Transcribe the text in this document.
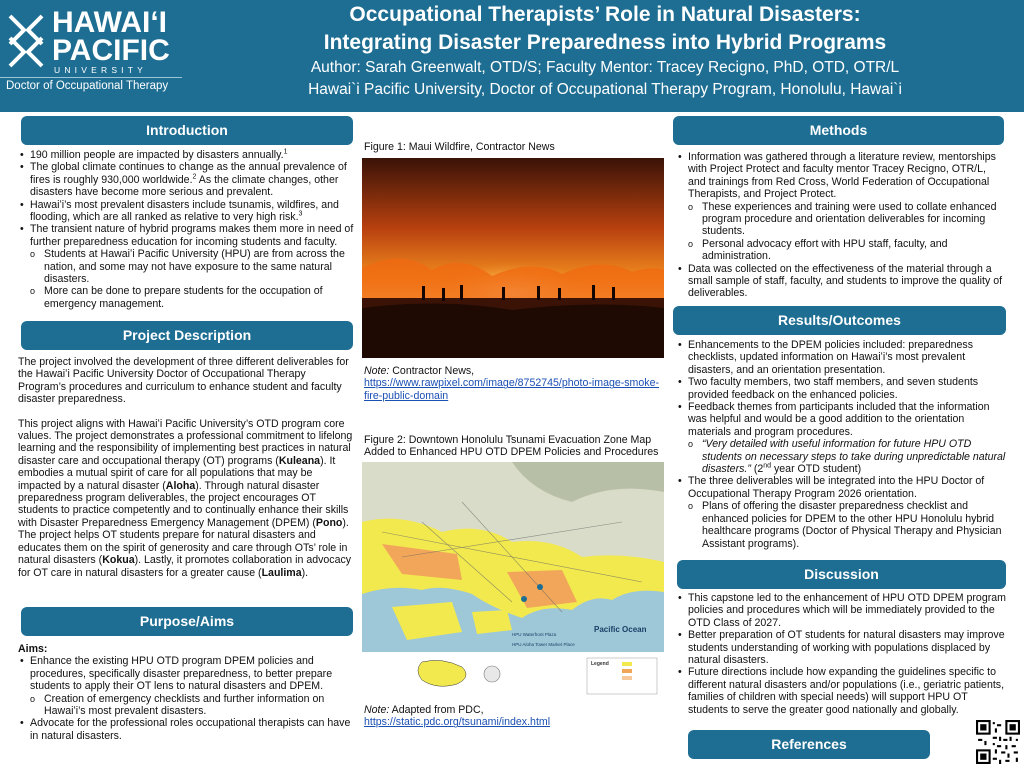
HAWAIʻI
PACIFIC
UNIVERSITY
Doctor of Occupational Therapy
Occupational Therapists’ Role in Natural Disasters:
Integrating Disaster Preparedness into Hybrid Programs
Author: Sarah Greenwalt, OTD/S; Faculty Mentor: Tracey Recigno, PhD, OTD, OTR/L
Hawai`i Pacific University, Doctor of Occupational Therapy Program, Honolulu, Hawai`i
Introduction
• 190 million people are impacted by disasters annually.$^1$
• The global climate continues to change as the annual prevalence of fires is roughly 930,000 worldwide.$^2$ As the climate changes, other disasters have become more serious and prevalent.
• Hawaiʻi’s most prevalent disasters include tsunamis, wildfires, and flooding, which are all ranked as relative to very high risk.$^3$
• The transient nature of hybrid programs makes them more in need of further preparedness education for incoming students and faculty.
o Students at Hawaiʻi Pacific University (HPU) are from across the nation, and some may not have exposure to the same natural disasters.
o More can be done to prepare students for the occupation of emergency management.
Project Description

The project involved the development of three different deliverables for the Hawaiʻi Pacific University Doctor of Occupational Therapy Program’s procedures and curriculum to enhance student and faculty disaster preparedness.

This project aligns with Hawaiʻi Pacific University’s OTD program core values. The project demonstrates a professional commitment to lifelong learning and the responsibility of implementing best practices in natural disaster care and occupational therapy (OT) programs (Kuleana). It embodies a mutual spirit of care for all populations that may be impacted by a natural disaster (Aloha). Through natural disaster preparedness program deliverables, the project encourages OT students to practice competently and to continually enhance their skills with Disaster Preparedness Emergency Management (DPEM) (Pono). The project helps OT students prepare for natural disasters and educates them on the spirit of generosity and care through OTs’ role in natural disasters (Kokua). Lastly, it promotes collaboration in advocacy for OT care in natural disasters for a greater cause (Laulima).

Purpose/Aims

Aims:

• Enhance the existing HPU OTD program DPEM policies and procedures, specifically disaster preparedness, to better prepare students to apply their OT lens to natural disasters and DPEM.
o Creation of emergency checklists and further information on Hawaiʻi’s most prevalent disasters.
• Advocate for the professional roles occupational therapists can have in natural disasters.
Figure 1: Maui Wildfire, Contractor News
Note: Contractor News,
https://www.rawpixel.com/image/8752745/photo-image-smoke-fire-public-domain
Figure 2: Downtown Honolulu Tsunami Evacuation Zone Map Added to Enhanced HPU OTD DPEM Policies and Procedures
Pacific Ocean
HPU Waterfront Plaza
HPU Aloha Tower Market Place
Legend
Note: Adapted from PDC,
https://static.pdc.org/tsunami/index.html
Methods
• Information was gathered through a literature review, mentorships with Project Protect and faculty mentor Tracey Recigno, OTR/L, and trainings from Red Cross, World Federation of Occupational Therapists, and Project Protect.
o These experiences and training were used to collate enhanced program procedure and orientation deliverables for incoming students.
o Personal advocacy effort with HPU staff, faculty, and administration.
• Data was collected on the effectiveness of the material through a small sample of staff, faculty, and students to improve the quality of deliverables.
Results/Outcomes
• Enhancements to the DPEM policies included: preparedness checklists, updated information on Hawaiʻi’s most prevalent disasters, and an orientation presentation.
• Two faculty members, two staff members, and seven students provided feedback on the enhanced policies.
• Feedback themes from participants included that the information was helpful and would be a good addition to the orientation materials and program procedures.
o “Very detailed with useful information for future HPU OTD students on necessary steps to take during unpredictable natural disasters.” (2nd year OTD student)
• The three deliverables will be integrated into the HPU Doctor of Occupational Therapy Program 2026 orientation.
o Plans of offering the disaster preparedness checklist and enhanced policies for DPEM to the other HPU Honolulu hybrid healthcare programs (Doctor of Physical Therapy and Physician Assistant programs).
Discussion
• This capstone led to the enhancement of HPU OTD DPEM program policies and procedures which will be immediately provided to the OTD Class of 2027.
• Better preparation of OT students for natural disasters may improve students understanding of working with populations displaced by natural disasters.
• Future directions include how expanding the guidelines specific to different natural disasters and/or populations (i.e., geriatric patients, families of children with special needs) will support HPU OT students to serve the greater good nationally and globally.
References
